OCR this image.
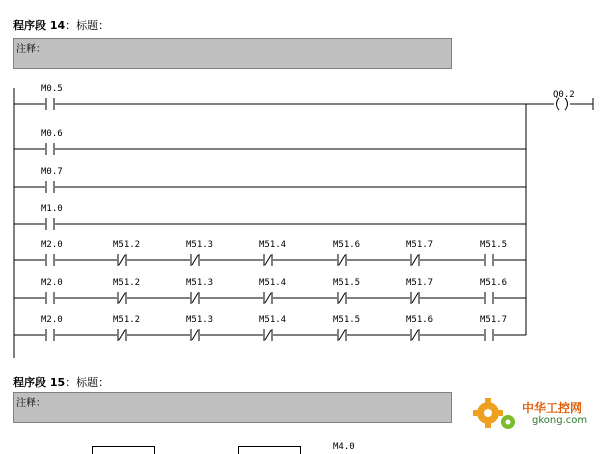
程序段 14：标题：
注释：
M0.5
M0.6
M0.7
M1.0
M2.0	M51.2	M51.3	M51.4	M51.6	M51.7	M51.5
M2.0	M51.2	M51.3	M51.4	M51.5	M51.7	M51.6
M2.0	M51.2	M51.3	M51.4	M51.5	M51.6	M51.7
Q0.2
程序段 15：标题：
注释：
M4.0
中华工控网
gkong.com
